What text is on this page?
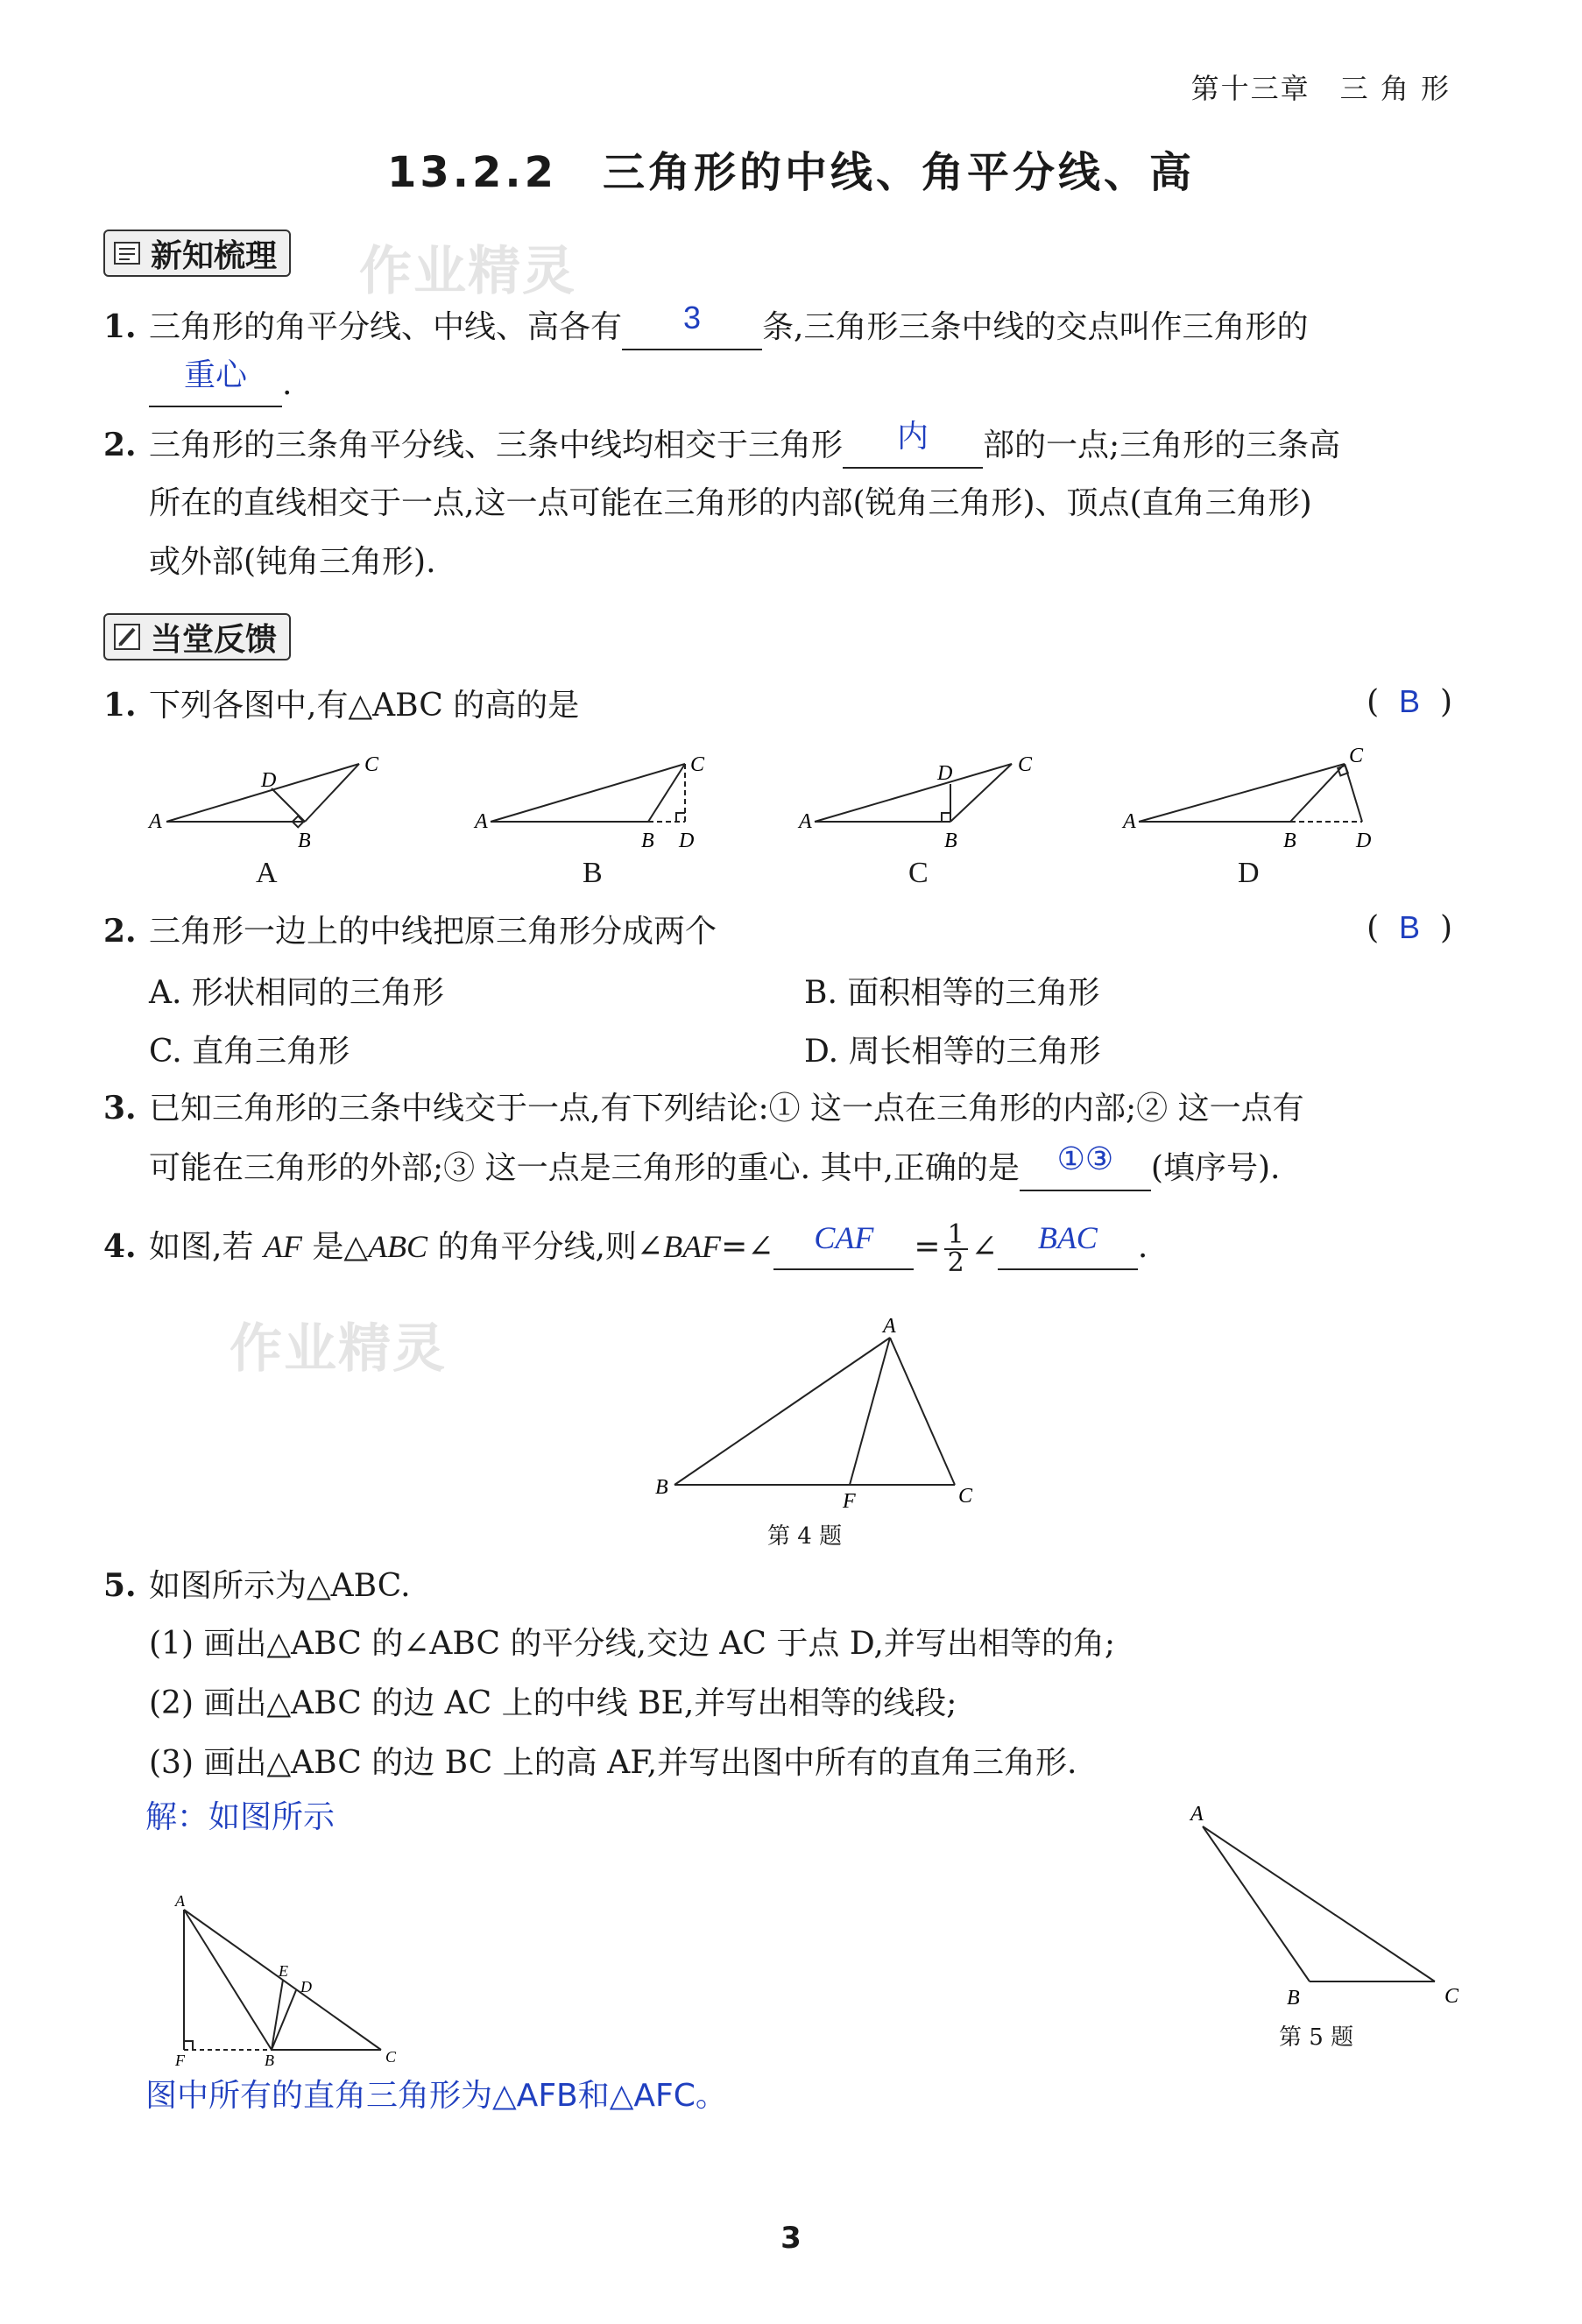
第十三章　三 角 形
13.2.2　三角形的中线、角平分线、高
新知梳理 作业精灵
1. 三角形的角平分线、中线、高各有 3 条,三角形三条中线的交点叫作三角形的
重心 .
2. 三角形的三条角平分线、三条中线均相交于三角形 内 部的一点;三角形的三条高
所在的直线相交于一点,这一点可能在三角形的内部(锐角三角形)、顶点(直角三角形)
或外部(钝角三角形).
当堂反馈
1. 下列各图中,有△ABC 的高的是	(  B  )
A
D
B
C
A
B D
C
A
D
B
C
A
B	D
C
A	B	C	D
2. 三角形一边上的中线把原三角形分成两个	(  B  )
A. 形状相同的三角形	B. 面积相等的三角形
C. 直角三角形	D. 周长相等的三角形
3. 已知三角形的三条中线交于一点,有下列结论:① 这一点在三角形的内部;② 这一点有
可能在三角形的外部;③ 这一点是三角形的重心. 其中,正确的是 ①③ (填序号).
4. 如图,若 AF 是△ABC 的角平分线,则∠BAF=∠ CAF = $\frac{1}{2}$ ∠ BAC .
作业精灵	A
B	C
F
第 4 题
5. 如图所示为△ABC.
(1) 画出△ABC 的∠ABC 的平分线,交边 AC 于点 D,并写出相等的角;
(2) 画出△ABC 的边 AC 上的中线 BE,并写出相等的线段;
(3) 画出△ABC 的边 BC 上的高 AF,并写出图中所有的直角三角形.
解：如图所示	A
B	C
第 5 题
A
E
D
F	B	C
图中所有的直角三角形为△AFB和△AFC。
3
